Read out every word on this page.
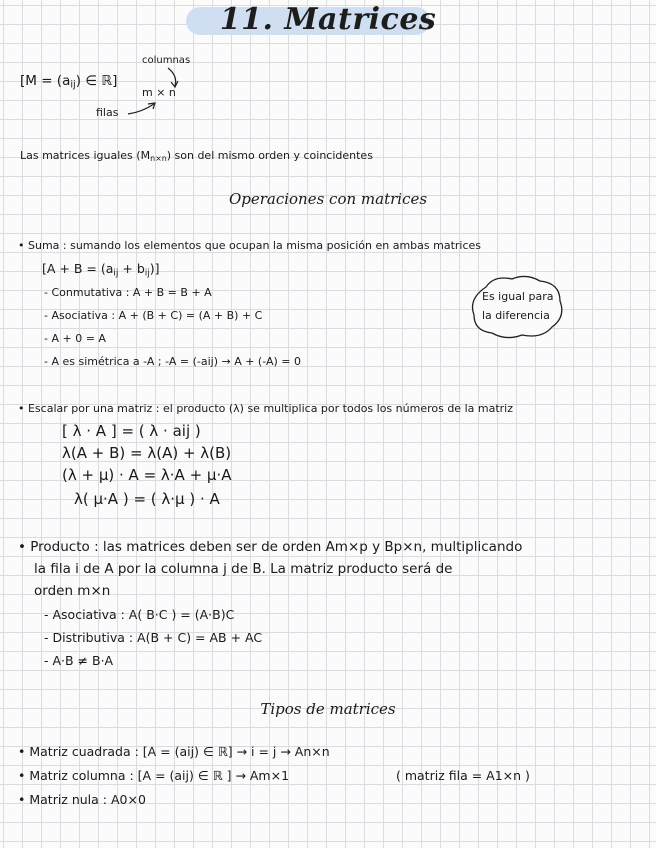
11. Matrices
[$M = (a_{ij})$ ∈ ℝ]
m × n
columnas
filas
Las matrices iguales $(M_{n\times n})$ son del mismo orden y coincidentes
Operaciones con matrices
• Suma : sumando los elementos que ocupan la misma posición en ambas matrices
$[A + B = (a_{ij} + b_{ij})]$
- Conmutativa : A + B = B + A
- Asociativa : A + (B + C) = (A + B) + C
- A + 0 = A
- A es simétrica a -A ; -A = (-aij) → A + (-A) = 0
Es igual para la diferencia
• Escalar por una matriz : el producto (λ) se multiplica por todos los números de la matriz
[ λ · A ] = ( λ · aij )
λ(A + B) = λ(A) + λ(B)
(λ + μ) · A = λ·A + μ·A
λ( μ·A ) = ( λ·μ ) · A
• Producto : las matrices deben ser de orden Am×p y Bp×n, multiplicando
la fila i de A por la columna j de B. La matriz producto será de
orden m×n
- Asociativa : A( B·C ) = (A·B)C
- Distributiva : A(B + C) = AB + AC
- A·B ≠ B·A
Tipos de matrices
• Matriz cuadrada : [A = (aij) ∈ ℝ] → i = j → An×n
• Matriz columna : [A = (aij) ∈ ℝ ] → Am×1	( matriz fila = A1×n )
• Matriz nula : A0×0
